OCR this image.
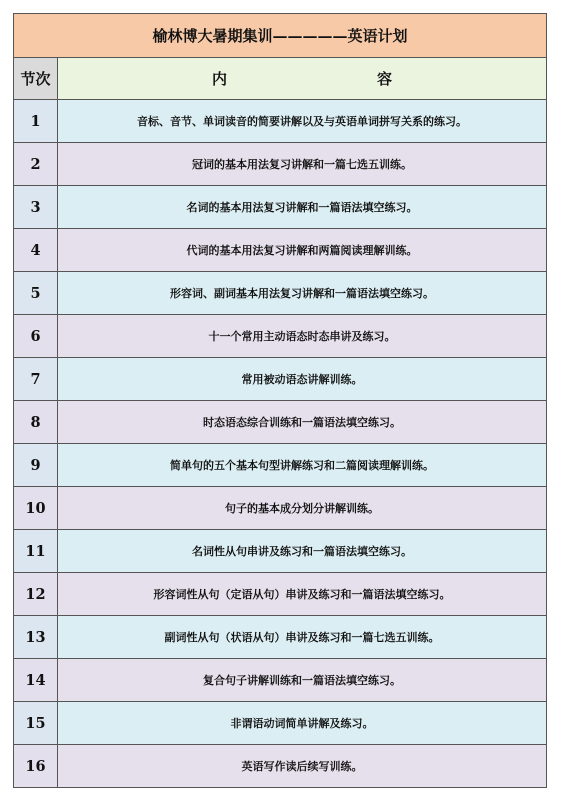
榆林博大暑期集训—————英语计划	
节次	内 容
1	音标、音节、单词读音的简要讲解以及与英语单词拼写关系的练习。

2	冠词的基本用法复习讲解和一篇七选五训练。

3	名词的基本用法复习讲解和一篇语法填空练习。

4	代词的基本用法复习讲解和两篇阅读理解训练。

5	形容词、副词基本用法复习讲解和一篇语法填空练习。

6	十一个常用主动语态时态串讲及练习。

7	常用被动语态讲解训练。

8	时态语态综合训练和一篇语法填空练习。

9	简单句的五个基本句型讲解练习和二篇阅读理解训练。

10	句子的基本成分划分讲解训练。

11	名词性从句串讲及练习和一篇语法填空练习。

12	形容词性从句（定语从句）串讲及练习和一篇语法填空练习。

13	副词性从句（状语从句）串讲及练习和一篇七选五训练。

14	复合句子讲解训练和一篇语法填空练习。

15	非谓语动词简单讲解及练习。

16	英语写作读后续写训练。
